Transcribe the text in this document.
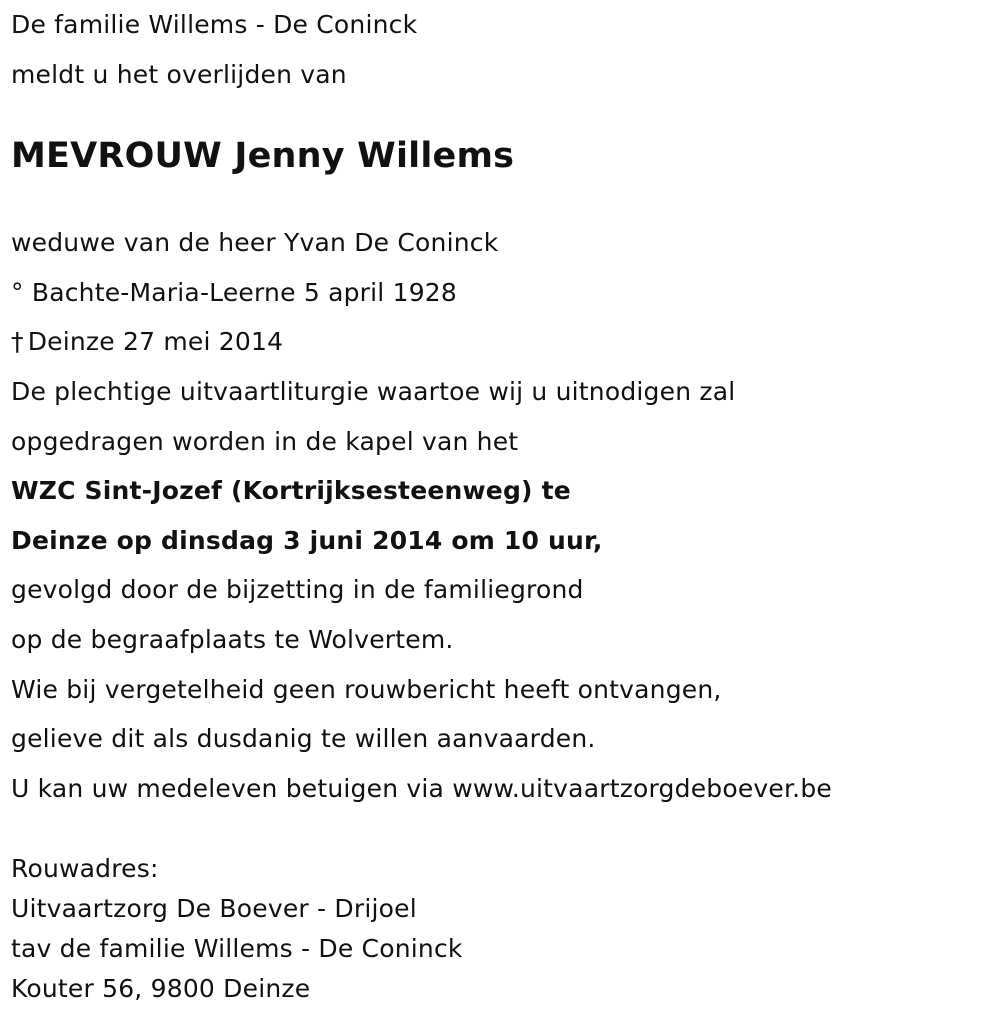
De familie Willems - De Coninck
meldt u het overlijden van
MEVROUW Jenny Willems
weduwe van de heer Yvan De Coninck
° Bachte-Maria-Leerne 5 april 1928
† Deinze 27 mei 2014
De plechtige uitvaartliturgie waartoe wij u uitnodigen zal
opgedragen worden in de kapel van het
WZC Sint-Jozef (Kortrijksesteenweg) te
Deinze op dinsdag 3 juni 2014 om 10 uur,
gevolgd door de bijzetting in de familiegrond
op de begraafplaats te Wolvertem.
Wie bij vergetelheid geen rouwbericht heeft ontvangen,
gelieve dit als dusdanig te willen aanvaarden.
U kan uw medeleven betuigen via www.uitvaartzorgdeboever.be
Rouwadres:
Uitvaartzorg De Boever - Drijoel
tav de familie Willems - De Coninck
Kouter 56, 9800 Deinze
